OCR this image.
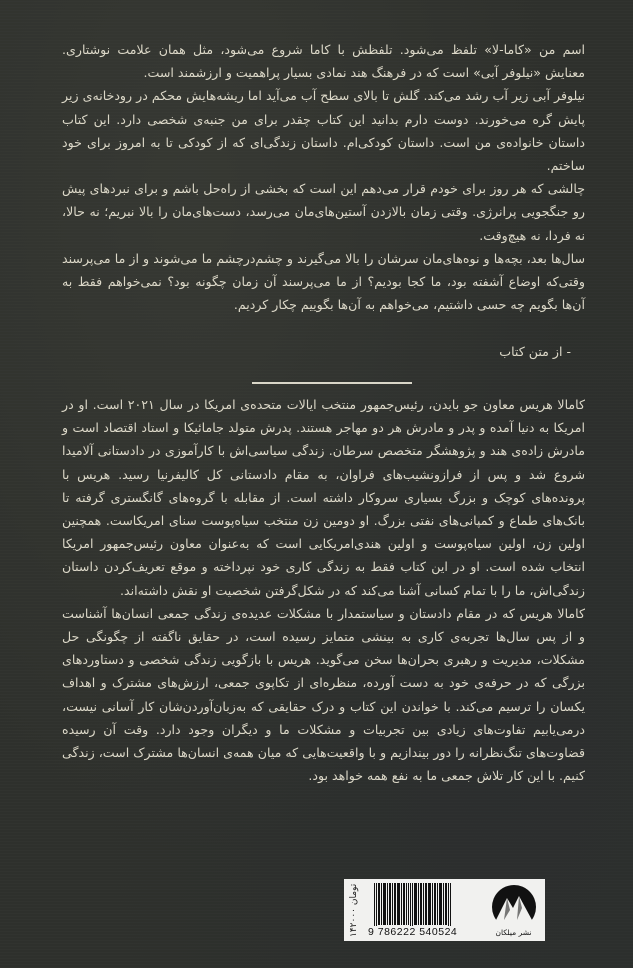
اسم من «کاما-لا» تلفظ می‌شود. تلفظش با کاما شروع می‌شود، مثل همان علامت نوشتاری. معنایش «نیلوفر آبی» است که در فرهنگ هند نمادی بسیار پراهمیت و ارزشمند است.

نیلوفر آبی زیر آب رشد می‌کند. گلش تا بالای سطح آب می‌آید اما ریشه‌هایش محکم در رودخانه‌ی زیر پایش گره می‌خورند. دوست دارم بدانید این کتاب چقدر برای من جنبه‌ی شخصی دارد. این کتاب داستان خانواده‌ی من است. داستان کودکی‌ام. داستان زندگی‌ای که از کودکی تا به امروز برای خود ساختم.

چالشی که هر روز برای خودم قرار می‌دهم این است که بخشی از راه‌حل باشم و برای نبردهای پیش رو جنگجویی پرانرژی. وقتی زمان بالازدن آستین‌های‌مان می‌رسد، دست‌های‌مان را بالا نبریم؛ نه حالا، نه فردا، نه هیچ‌وقت.

سال‌ها بعد، بچه‌ها و نوه‌های‌مان سرشان را بالا می‌گیرند و چشم‌درچشم ما می‌شوند و از ما می‌پرسند وقتی‌که اوضاع آشفته بود، ما کجا بودیم؟ از ما می‌پرسند آن زمان چگونه بود؟ نمی‌خواهم فقط به آن‌ها بگویم چه حسی داشتیم، می‌خواهم به آن‌ها بگوییم چکار کردیم.

- از متن کتاب

کامالا هریس معاون جو بایدن، رئیس‌جمهور منتخب ایالات متحده‌ی امریکا در سال ۲۰۲۱ است. او در امریکا به دنیا آمده و پدر و مادرش هر دو مهاجر هستند. پدرش متولد جامائیکا و استاد اقتصاد است و مادرش زاده‌ی هند و پژوهشگر متخصص سرطان. زندگی سیاسی‌اش با کارآموزی در دادستانی آلامیدا شروع شد و پس از فرازونشیب‌های فراوان، به مقام دادستانی کل کالیفرنیا رسید. هریس با پرونده‌های کوچک و بزرگ بسیاری سروکار داشته است. از مقابله با گروه‌های گانگستری گرفته تا بانک‌های طماع و کمپانی‌های نفتی بزرگ. او دومین زن منتخب سیاه‌پوست سنای امریکاست. همچنین اولین زن، اولین سیاه‌پوست و اولین هندی‌امریکایی است که به‌عنوان معاون رئیس‌جمهور امریکا انتخاب شده است. او در این کتاب فقط به زندگی کاری خود نپرداخته و موقع تعریف‌کردن داستان زندگی‌اش، ما را با تمام کسانی آشنا می‌کند که در شکل‌گرفتن شخصیت او نقش داشته‌اند.

کامالا هریس که در مقام دادستان و سیاستمدار با مشکلات عدیده‌ی زندگی جمعی انسان‌ها آشناست و از پس سال‌ها تجربه‌ی کاری به بینشی متمایز رسیده است، در حقایق ناگفته از چگونگی حل مشکلات، مدیریت و رهبری بحران‌ها سخن می‌گوید. هریس با بازگویی زندگی شخصی و دستاوردهای بزرگی که در حرفه‌ی خود به دست آورده، منظره‌ای از تکاپوی جمعی، ارزش‌های مشترک و اهداف یکسان را ترسیم می‌کند. با خواندن این کتاب و درک حقایقی که به‌زبان‌آوردن‌شان کار آسانی نیست، درمی‌یابیم تفاوت‌های زیادی بین تجربیات و مشکلات ما و دیگران وجود دارد. وقت آن رسیده قضاوت‌های تنگ‌نظرانه را دور بیندازیم و با واقعیت‌هایی که میان همه‌ی انسان‌ها مشترک است، زندگی کنیم. با این کار تلاش جمعی ما به نفع همه خواهد بود.

۱۴۲۰۰۰ تومان
9 786222 540524	نشر میلکان
